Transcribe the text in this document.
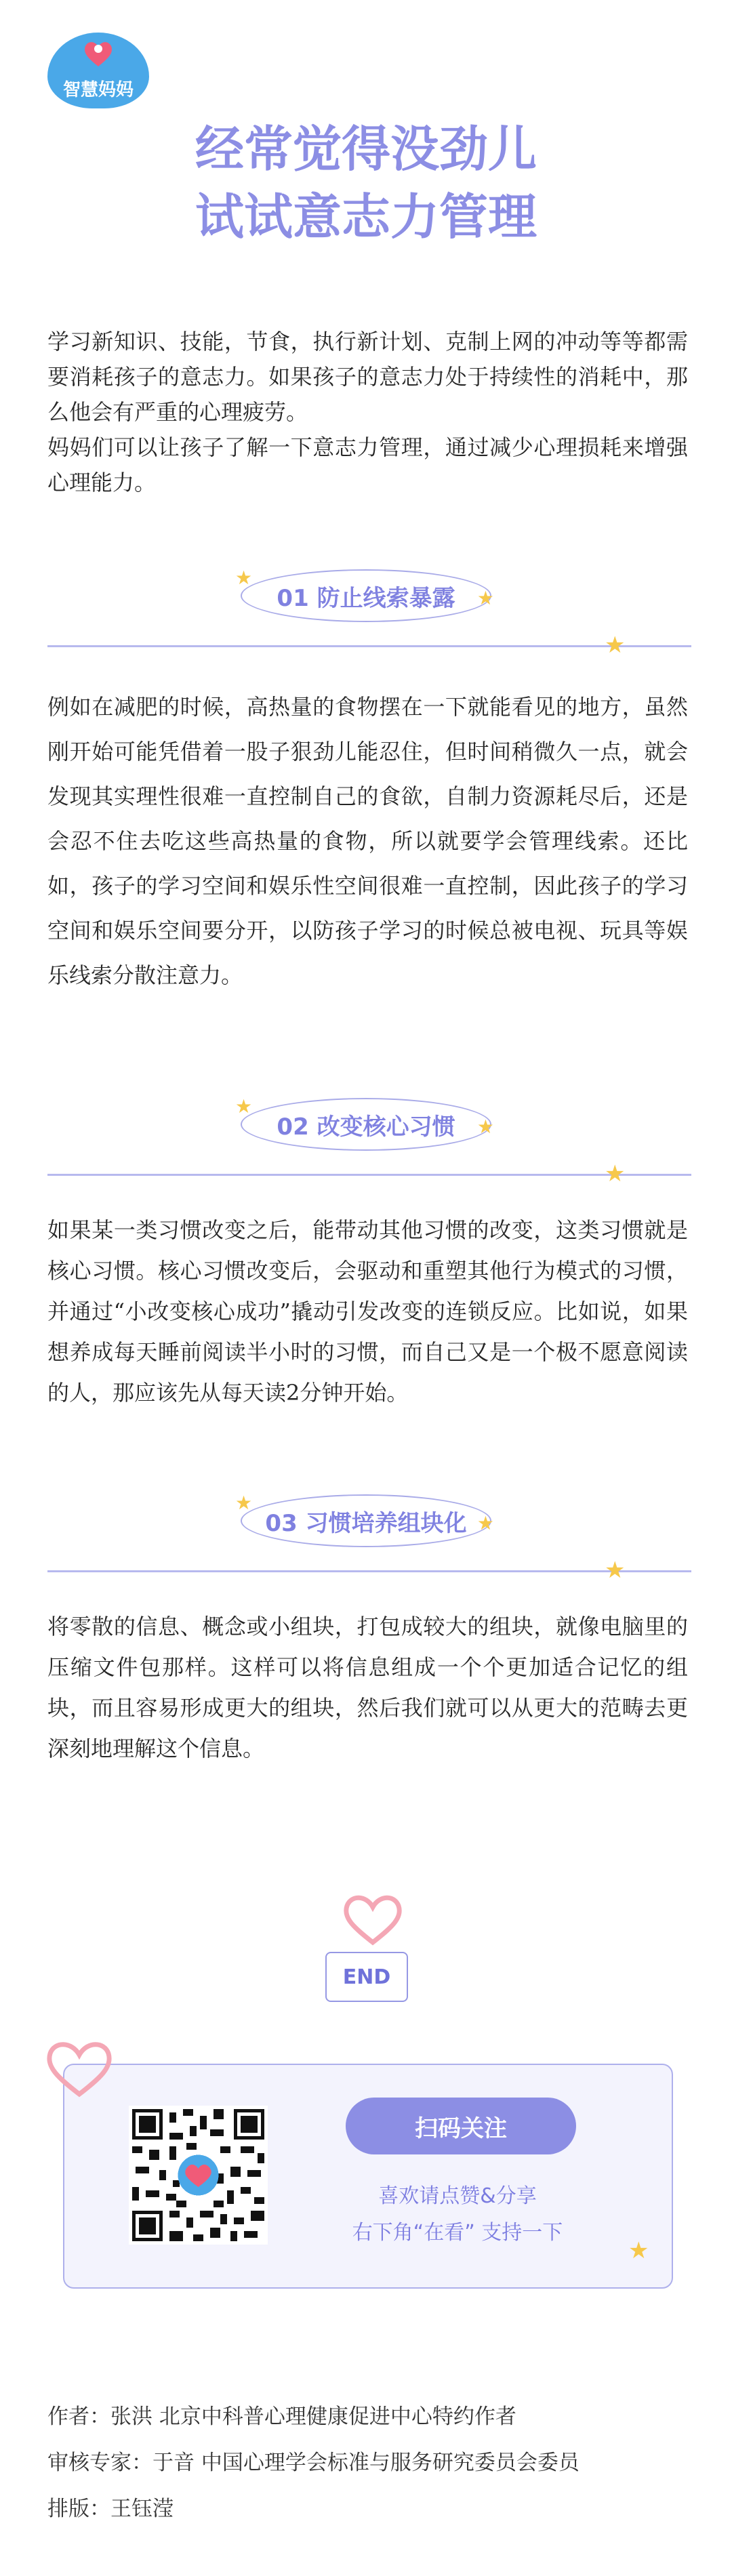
智慧妈妈
经常觉得没劲儿
试试意志力管理

学习新知识、技能，节食，执行新计划、克制上网的冲动等等都需要消耗孩子的意志力。如果孩子的意志力处于持续性的消耗中，那么他会有严重的心理疲劳。

妈妈们可以让孩子了解一下意志力管理，通过减少心理损耗来增强心理能力。

★
01 防止线索暴露 ★
★
例如在减肥的时候，高热量的食物摆在一下就能看见的地方，虽然刚开始可能凭借着一股子狠劲儿能忍住，但时间稍微久一点，就会发现其实理性很难一直控制自己的食欲，自制力资源耗尽后，还是会忍不住去吃这些高热量的食物，所以就要学会管理线索。还比如，孩子的学习空间和娱乐性空间很难一直控制，因此孩子的学习空间和娱乐空间要分开，以防孩子学习的时候总被电视、玩具等娱乐线索分散注意力。
★
02 改变核心习惯 ★
★
如果某一类习惯改变之后，能带动其他习惯的改变，这类习惯就是核心习惯。核心习惯改变后，会驱动和重塑其他行为模式的习惯，并通过“小改变核心成功”撬动引发改变的连锁反应。比如说，如果想养成每天睡前阅读半小时的习惯，而自己又是一个极不愿意阅读的人，那应该先从每天读2分钟开始。
★
03 习惯培养组块化 ★
★
将零散的信息、概念或小组块，打包成较大的组块，就像电脑里的压缩文件包那样。这样可以将信息组成一个个更加适合记忆的组块，而且容易形成更大的组块，然后我们就可以从更大的范畴去更深刻地理解这个信息。
END
扫码关注
喜欢请点赞&分享
右下角“在看” 支持一下
★
作者：张洪 北京中科普心理健康促进中心特约作者
审核专家：于音 中国心理学会标准与服务研究委员会委员
排版：王钰滢
